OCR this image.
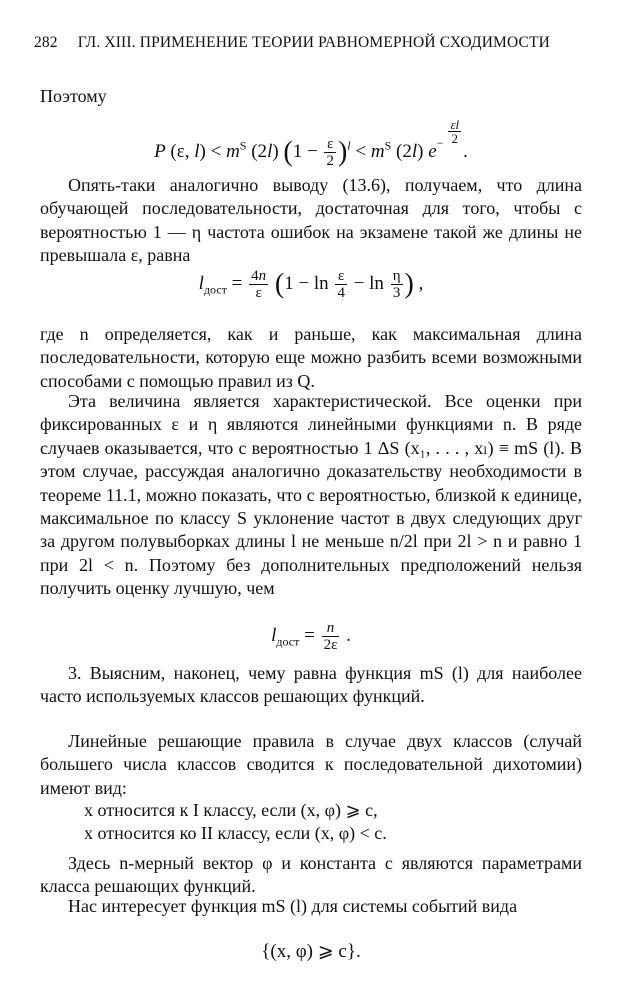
282 ГЛ. XIII. ПРИМЕНЕНИЕ ТЕОРИИ РАВНОМЕРНОЙ СХОДИМОСТИ
Поэтому
P (ε, $l) < m^S$ (2l) $(1 - \frac{\varepsilon}{2} )^l < m^S$ (2l) $e^{- \frac{\varepsilon l}{2}}$
.
Опять-таки аналогично выводу (13.6), получаем, что длина обучающей последовательности, достаточная для того, чтобы с вероятностью 1 — η частота ошибок на экзамене такой же длины не превышала ε, равна
$l_{дост} = \frac{4n}{\varepsilon} (1 - \ln \frac{\varepsilon}{4} - \ln \frac{\eta}{3}$ ) ,
где n определяется, как и раньше, как максимальная длина последовательности, которую еще можно разбить всеми возможными способами с помощью правил из Q.
Эта величина является характеристической. Все оценки при фиксированных ε и η являются линейными функциями n. В ряде случаев оказывается, что с вероятностью 1 ΔS (x₁, . . . , xₗ) ≡ mS (l). В этом случае, рассуждая аналогично доказательству необходимости в теореме 11.1, можно показать, что с вероятностью, близкой к единице, максимальное по классу S уклонение частот в двух следующих друг за другом полувыборках длины l не меньше n/2l при 2l > n и равно 1 при 2l < n. Поэтому без дополнительных предположений нельзя получить оценку лучшую, чем
$l_{дост} = \frac{n}{2\varepsilon}$ .
3. Выясним, наконец, чему равна функция mS (l) для наиболее часто используемых классов решающих функций.
Линейные решающие правила в случае двух классов (случай большего числа классов сводится к последовательной дихотомии) имеют вид:
x относится к I классу, если (x, φ) ⩾ c,
x относится ко II классу, если (x, φ) < c.
Здесь n-мерный вектор φ и константа c являются параметрами класса решающих функций.
Нас интересует функция mS (l) для системы событий вида
{(x, φ) ⩾ c}.
